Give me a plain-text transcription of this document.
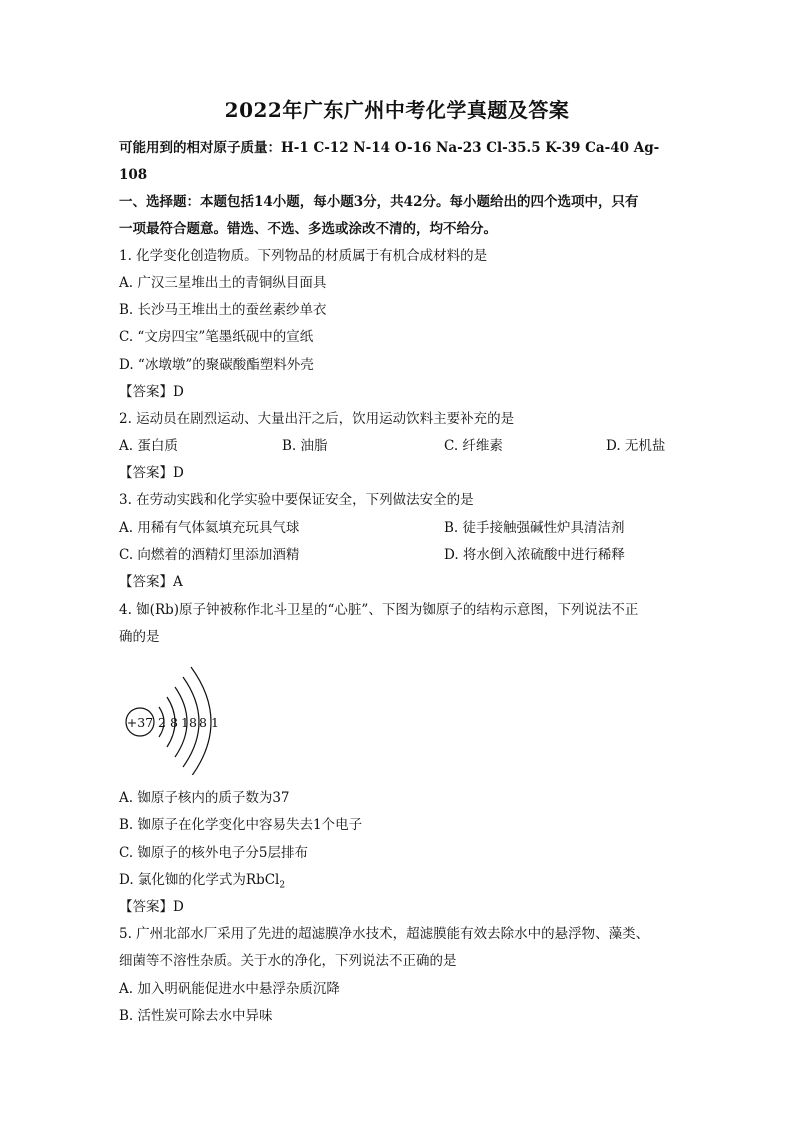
2022年广东广州中考化学真题及答案
可能用到的相对原子质量：H-1 C-12 N-14 O-16 Na-23 Cl-35.5 K-39 Ca-40 Ag-
108
一、选择题：本题包括14小题，每小题3分，共42分。每小题给出的四个选项中，只有
一项最符合题意。错选、不选、多选或涂改不清的，均不给分。
1. 化学变化创造物质。下列物品的材质属于有机合成材料的是
A. 广汉三星堆出土的青铜纵目面具
B. 长沙马王堆出土的蚕丝素纱单衣
C. “文房四宝”笔墨纸砚中的宣纸
D. “冰墩墩”的聚碳酸酯塑料外壳
【答案】D
2. 运动员在剧烈运动、大量出汗之后，饮用运动饮料主要补充的是
A. 蛋白质	B. 油脂	C. 纤维素	D. 无机盐
【答案】D
3. 在劳动实践和化学实验中要保证安全，下列做法安全的是
A. 用稀有气体氦填充玩具气球	B. 徒手接触强碱性炉具清洁剂
C. 向燃着的酒精灯里添加酒精	D. 将水倒入浓硫酸中进行稀释
【答案】A
4. 铷(Rb)原子钟被称作北斗卫星的“心脏”、下图为铷原子的结构示意图，下列说法不正
确的是
+37 2 8 18 8 1
A. 铷原子核内的质子数为37
B. 铷原子在化学变化中容易失去1个电子
C. 铷原子的核外电子分5层排布
D. 氯化铷的化学式为RbCl$_2$
【答案】D
5. 广州北部水厂采用了先进的超滤膜净水技术，超滤膜能有效去除水中的悬浮物、藻类、
细菌等不溶性杂质。关于水的净化，下列说法不正确的是
A. 加入明矾能促进水中悬浮杂质沉降
B. 活性炭可除去水中异味
